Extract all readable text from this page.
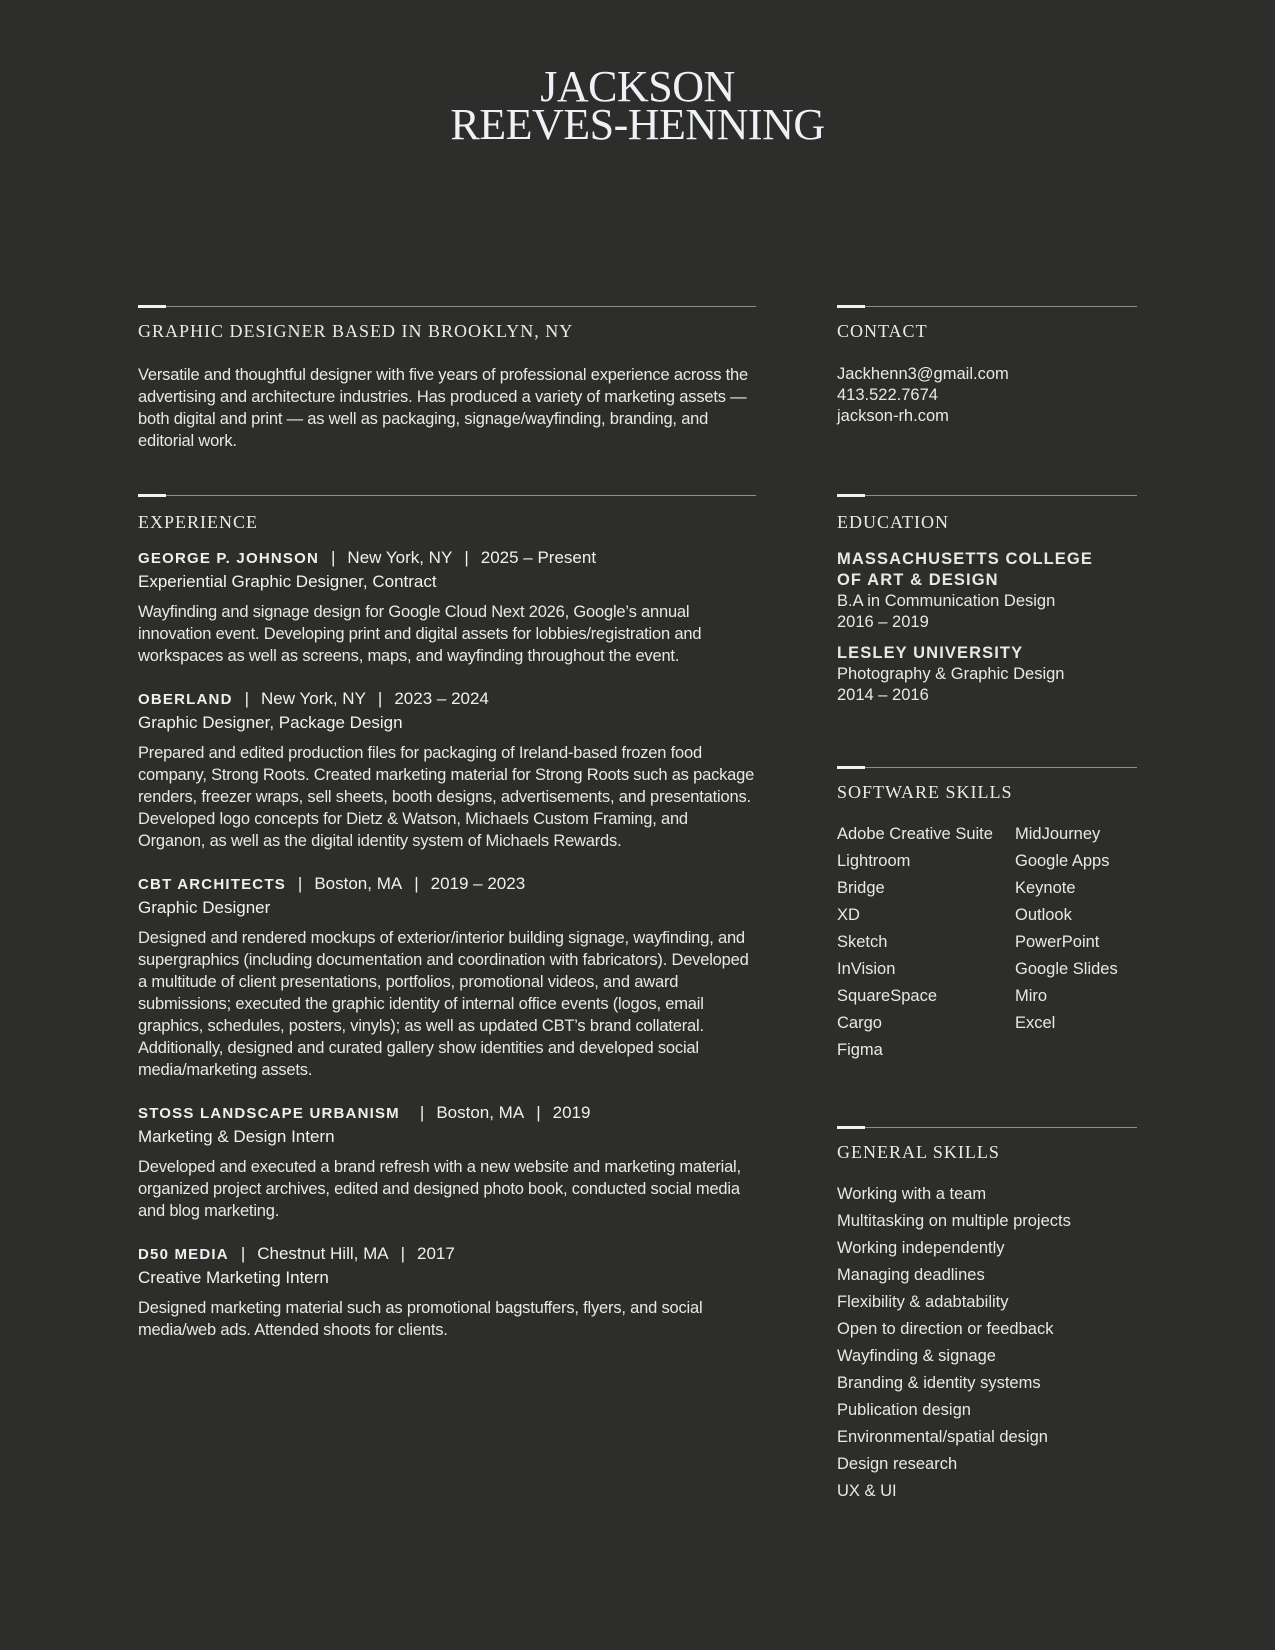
JACKSON
REEVES-HENNING
GRAPHIC DESIGNER BASED IN BROOKLYN, NY
Versatile and thoughtful designer with five years of professional experience across the advertising and architecture industries. Has produced a variety of marketing assets — both digital and print — as well as packaging, signage/wayfinding, branding, and editorial work.
EXPERIENCE
GEORGE P. JOHNSON | New York, NY | 2025 – Present
Experiential Graphic Designer, Contract
Wayfinding and signage design for Google Cloud Next 2026, Google’s annual innovation event. Developing print and digital assets for lobbies/registration and workspaces as well as screens, maps, and wayfinding throughout the event.
OBERLAND | New York, NY | 2023 – 2024
Graphic Designer, Package Design
Prepared and edited production files for packaging of Ireland-based frozen food company, Strong Roots. Created marketing material for Strong Roots such as package renders, freezer wraps, sell sheets, booth designs, advertisements, and presentations. Developed logo concepts for Dietz & Watson, Michaels Custom Framing, and Organon, as well as the digital identity system of Michaels Rewards.
CBT ARCHITECTS | Boston, MA | 2019 – 2023
Graphic Designer
Designed and rendered mockups of exterior/interior building signage, wayfinding, and supergraphics (including documentation and coordination with fabricators). Developed a multitude of client presentations, portfolios, promotional videos, and award submissions; executed the graphic identity of internal office events (logos, email graphics, schedules, posters, vinyls); as well as updated CBT’s brand collateral. Additionally, designed and curated gallery show identities and developed social media/marketing assets.
STOSS LANDSCAPE URBANISM | Boston, MA | 2019
Marketing & Design Intern
Developed and executed a brand refresh with a new website and marketing material, organized project archives, edited and designed photo book, conducted social media and blog marketing.
D50 MEDIA | Chestnut Hill, MA | 2017
Creative Marketing Intern
Designed marketing material such as promotional bagstuffers, flyers, and social media/web ads. Attended shoots for clients.
CONTACT
Jackhenn3@gmail.com
413.522.7674
jackson-rh.com
EDUCATION
MASSACHUSETTS COLLEGE
OF ART & DESIGN
B.A in Communication Design
2016 – 2019
LESLEY UNIVERSITY
Photography & Graphic Design
2014 – 2016
SOFTWARE SKILLS
Adobe Creative Suite
Lightroom
Bridge
XD
Sketch
InVision
SquareSpace
Cargo
Figma
MidJourney
Google Apps
Keynote
Outlook
PowerPoint
Google Slides
Miro
Excel
GENERAL SKILLS
Working with a team
Multitasking on multiple projects
Working independently
Managing deadlines
Flexibility & adabtability
Open to direction or feedback
Wayfinding & signage
Branding & identity systems
Publication design
Environmental/spatial design
Design research
UX & UI
